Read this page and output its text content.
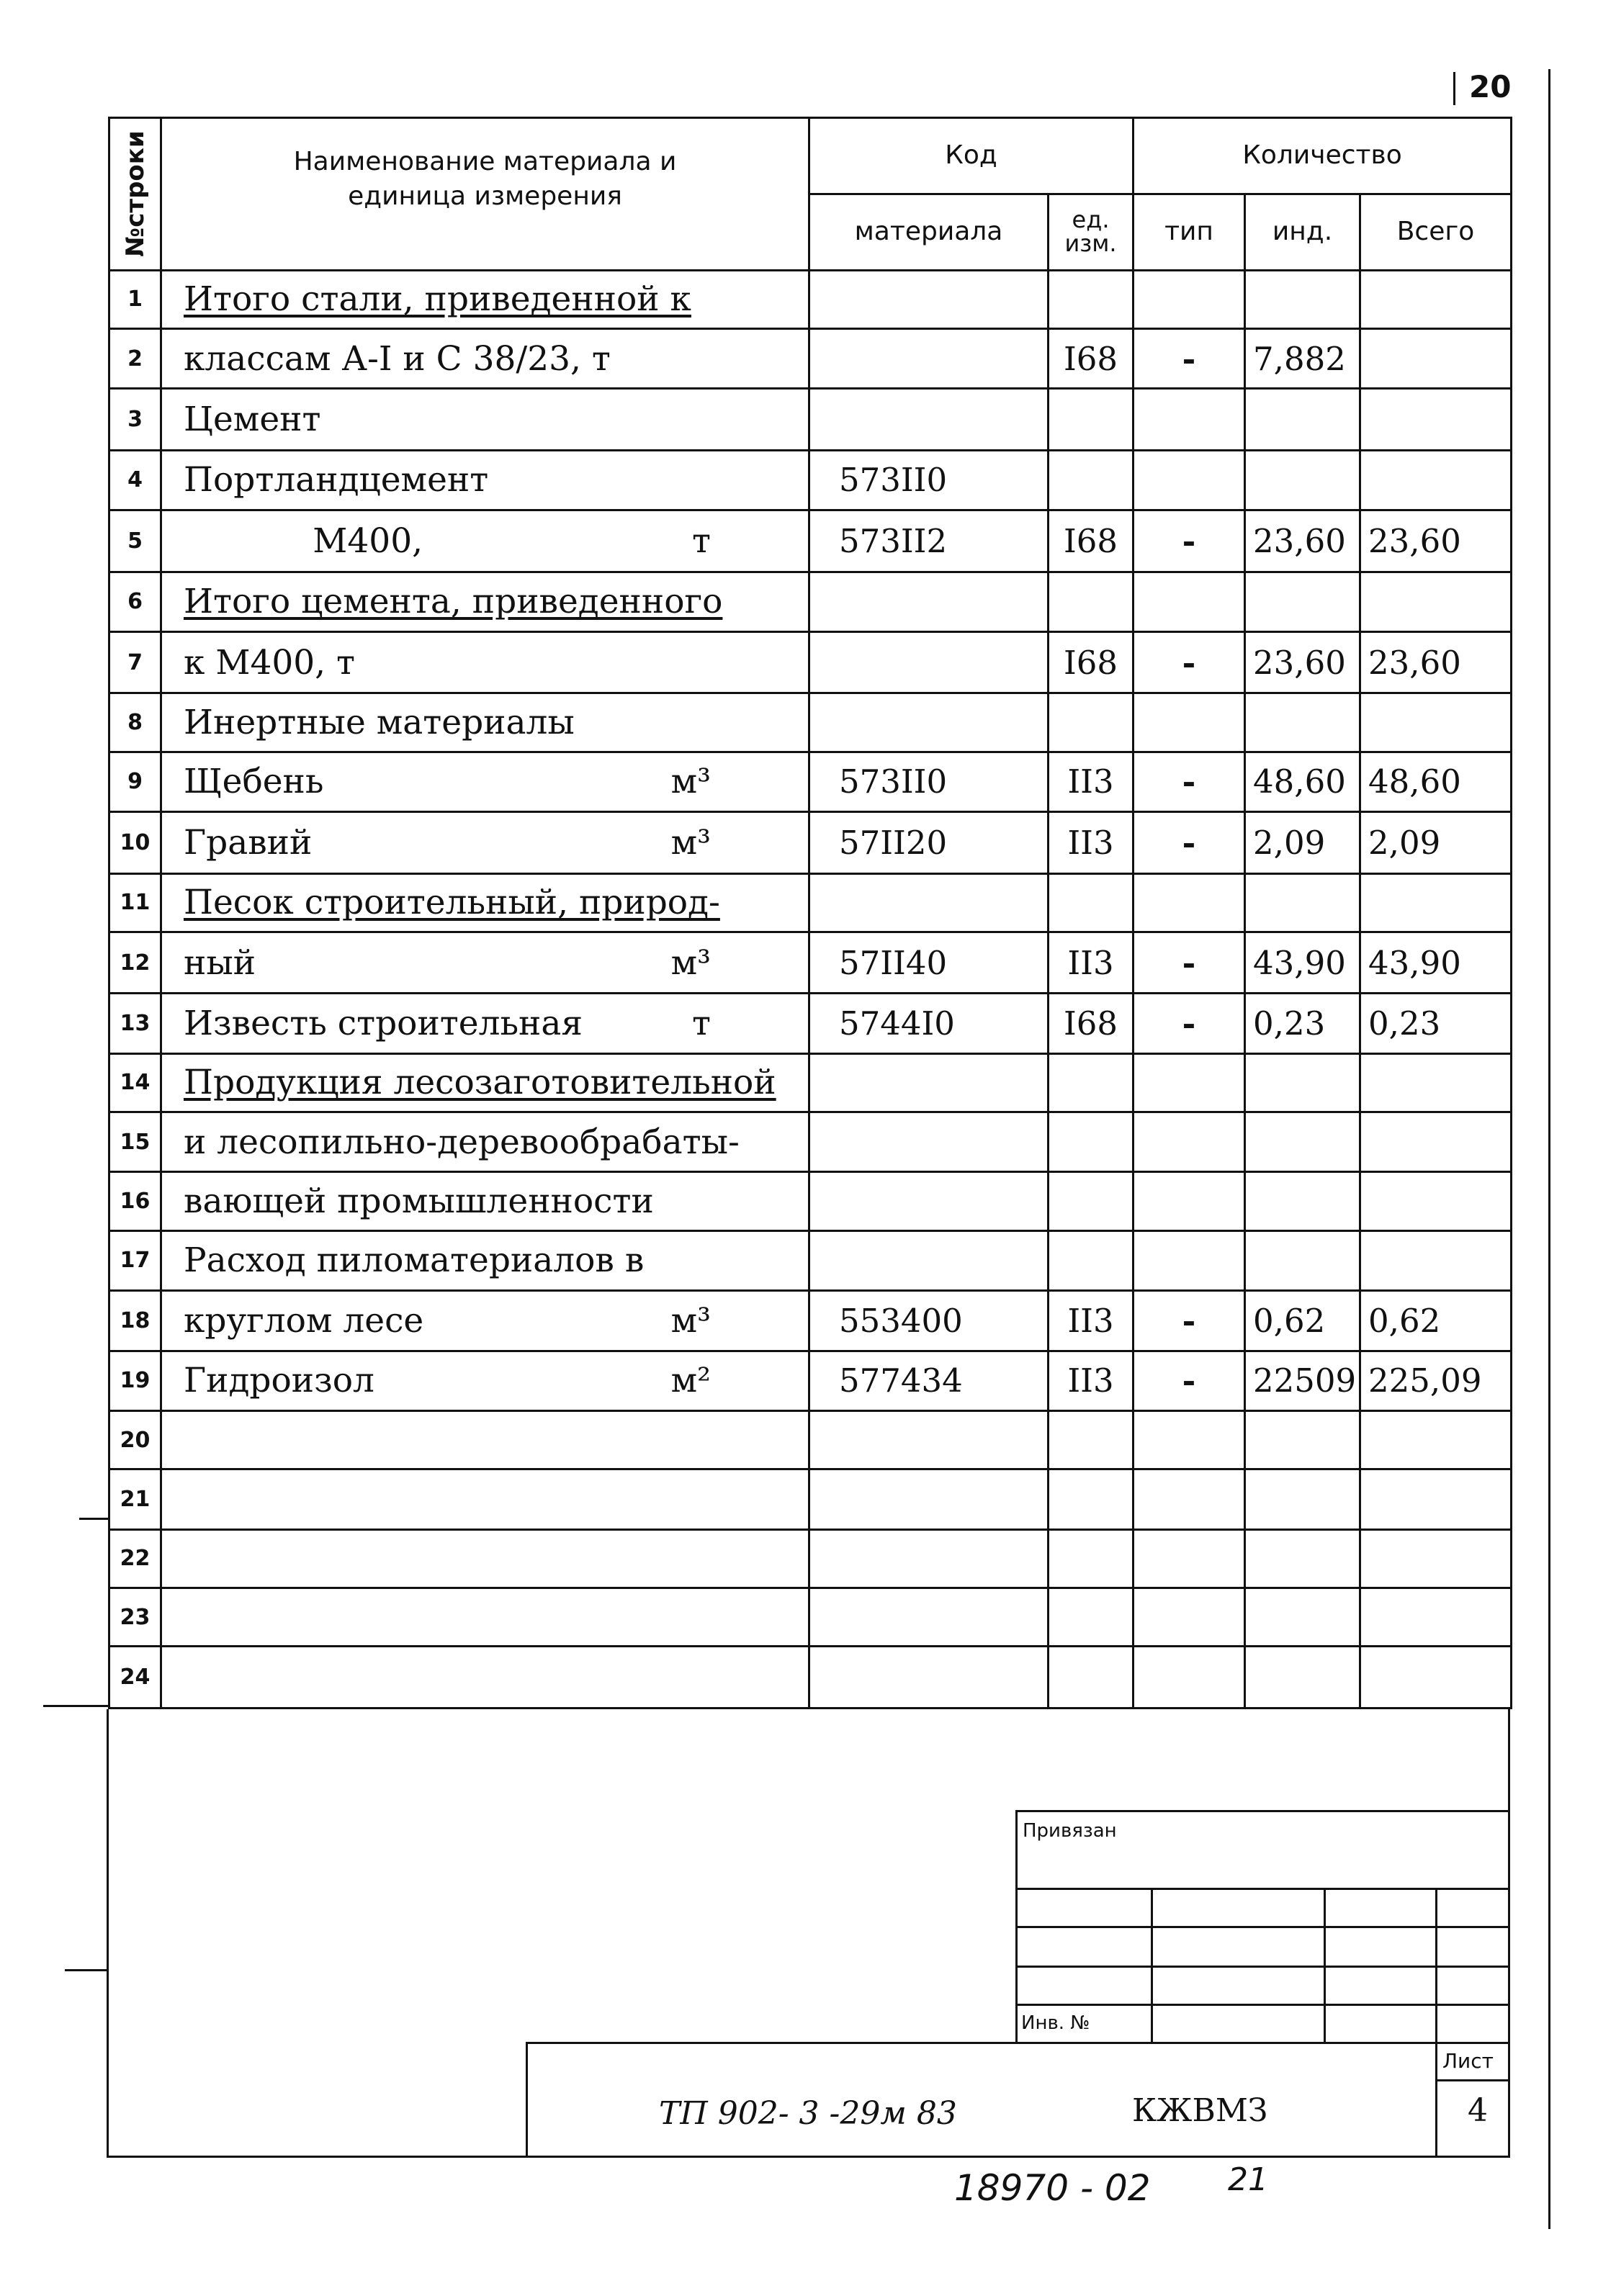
20
№строки	Наименование материала и единица измерения	Код		Количество		
		материала	ед. изм.	тип	инд.	Всего
1	Итого стали, приведенной к					
2	классам А-I и С 38/23, т		I68	-	7,882	
3	Цемент					
4	Портландцемент	573II0				
5	М400, т	573II2	I68	-	23,60	23,60
6	Итого цемента, приведенного					
7	к М400, т		I68	-	23,60	23,60
8	Инертные материалы					
9	Щебень м³	573II0	II3	-	48,60	48,60
10	Гравий м³	57II20	II3	-	2,09	2,09
11	Песок строительный, природ-					
12	ный м³	57II40	II3	-	43,90	43,90
13	Известь строительная т	5744I0	I68	-	0,23	0,23
14	Продукция лесозаготовительной					
15	и лесопильно-деревообрабаты-					
16	вающей промышленности					
17	Расход пиломатериалов в					
18	круглом лесе м³	553400	II3	-	0,62	0,62
19	Гидроизол м²	577434	II3	-	22509	225,09
20						
21						
22						
23						
24						
Привязан
Инв. №
Лист
4
ТП 902- 3 -29м 83	КЖВМЗ
18970 - 02 21
